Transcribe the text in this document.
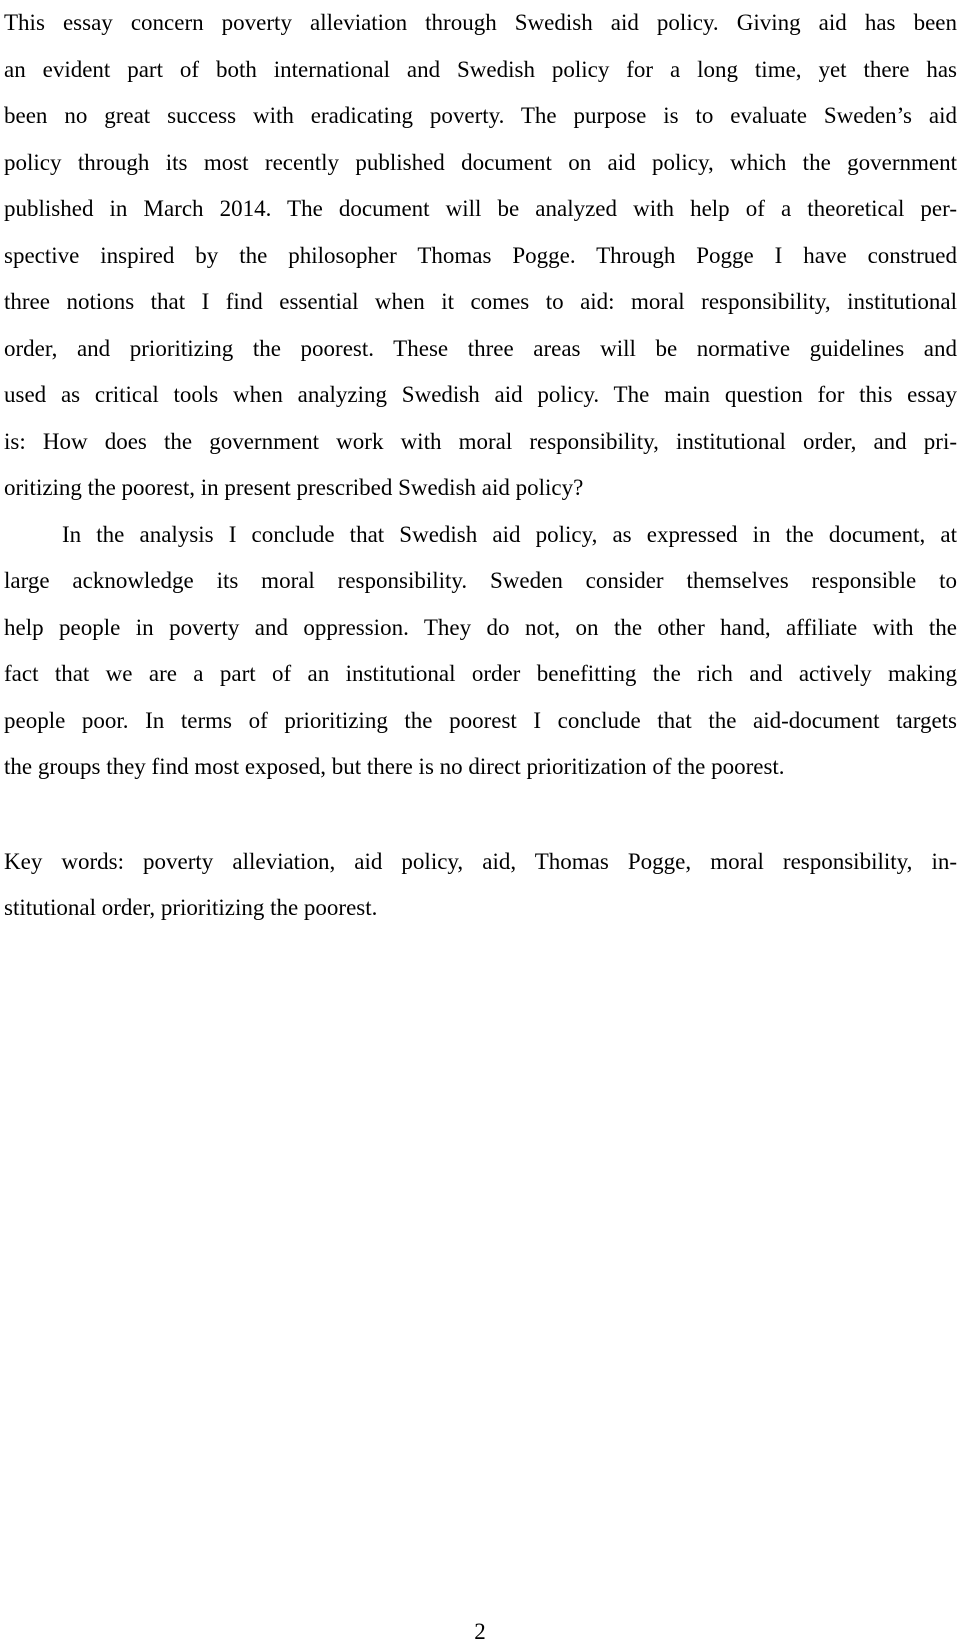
This essay concern poverty alleviation through Swedish aid policy. Giving aid has been
an evident part of both international and Swedish policy for a long time, yet there has
been no great success with eradicating poverty. The purpose is to evaluate Sweden’s aid
policy through its most recently published document on aid policy, which the government
published in March 2014. The document will be analyzed with help of a theoretical per-
spective inspired by the philosopher Thomas Pogge. Through Pogge I have construed
three notions that I find essential when it comes to aid: moral responsibility, institutional
order, and prioritizing the poorest. These three areas will be normative guidelines and
used as critical tools when analyzing Swedish aid policy. The main question for this essay
is: How does the government work with moral responsibility, institutional order, and pri-
oritizing the poorest, in present prescribed Swedish aid policy?
In the analysis I conclude that Swedish aid policy, as expressed in the document, at
large acknowledge its moral responsibility. Sweden consider themselves responsible to
help people in poverty and oppression. They do not, on the other hand, affiliate with the
fact that we are a part of an institutional order benefitting the rich and actively making
people poor. In terms of prioritizing the poorest I conclude that the aid-document targets
the groups they find most exposed, but there is no direct prioritization of the poorest.
Key words: poverty alleviation, aid policy, aid, Thomas Pogge, moral responsibility, in-
stitutional order, prioritizing the poorest.
2
